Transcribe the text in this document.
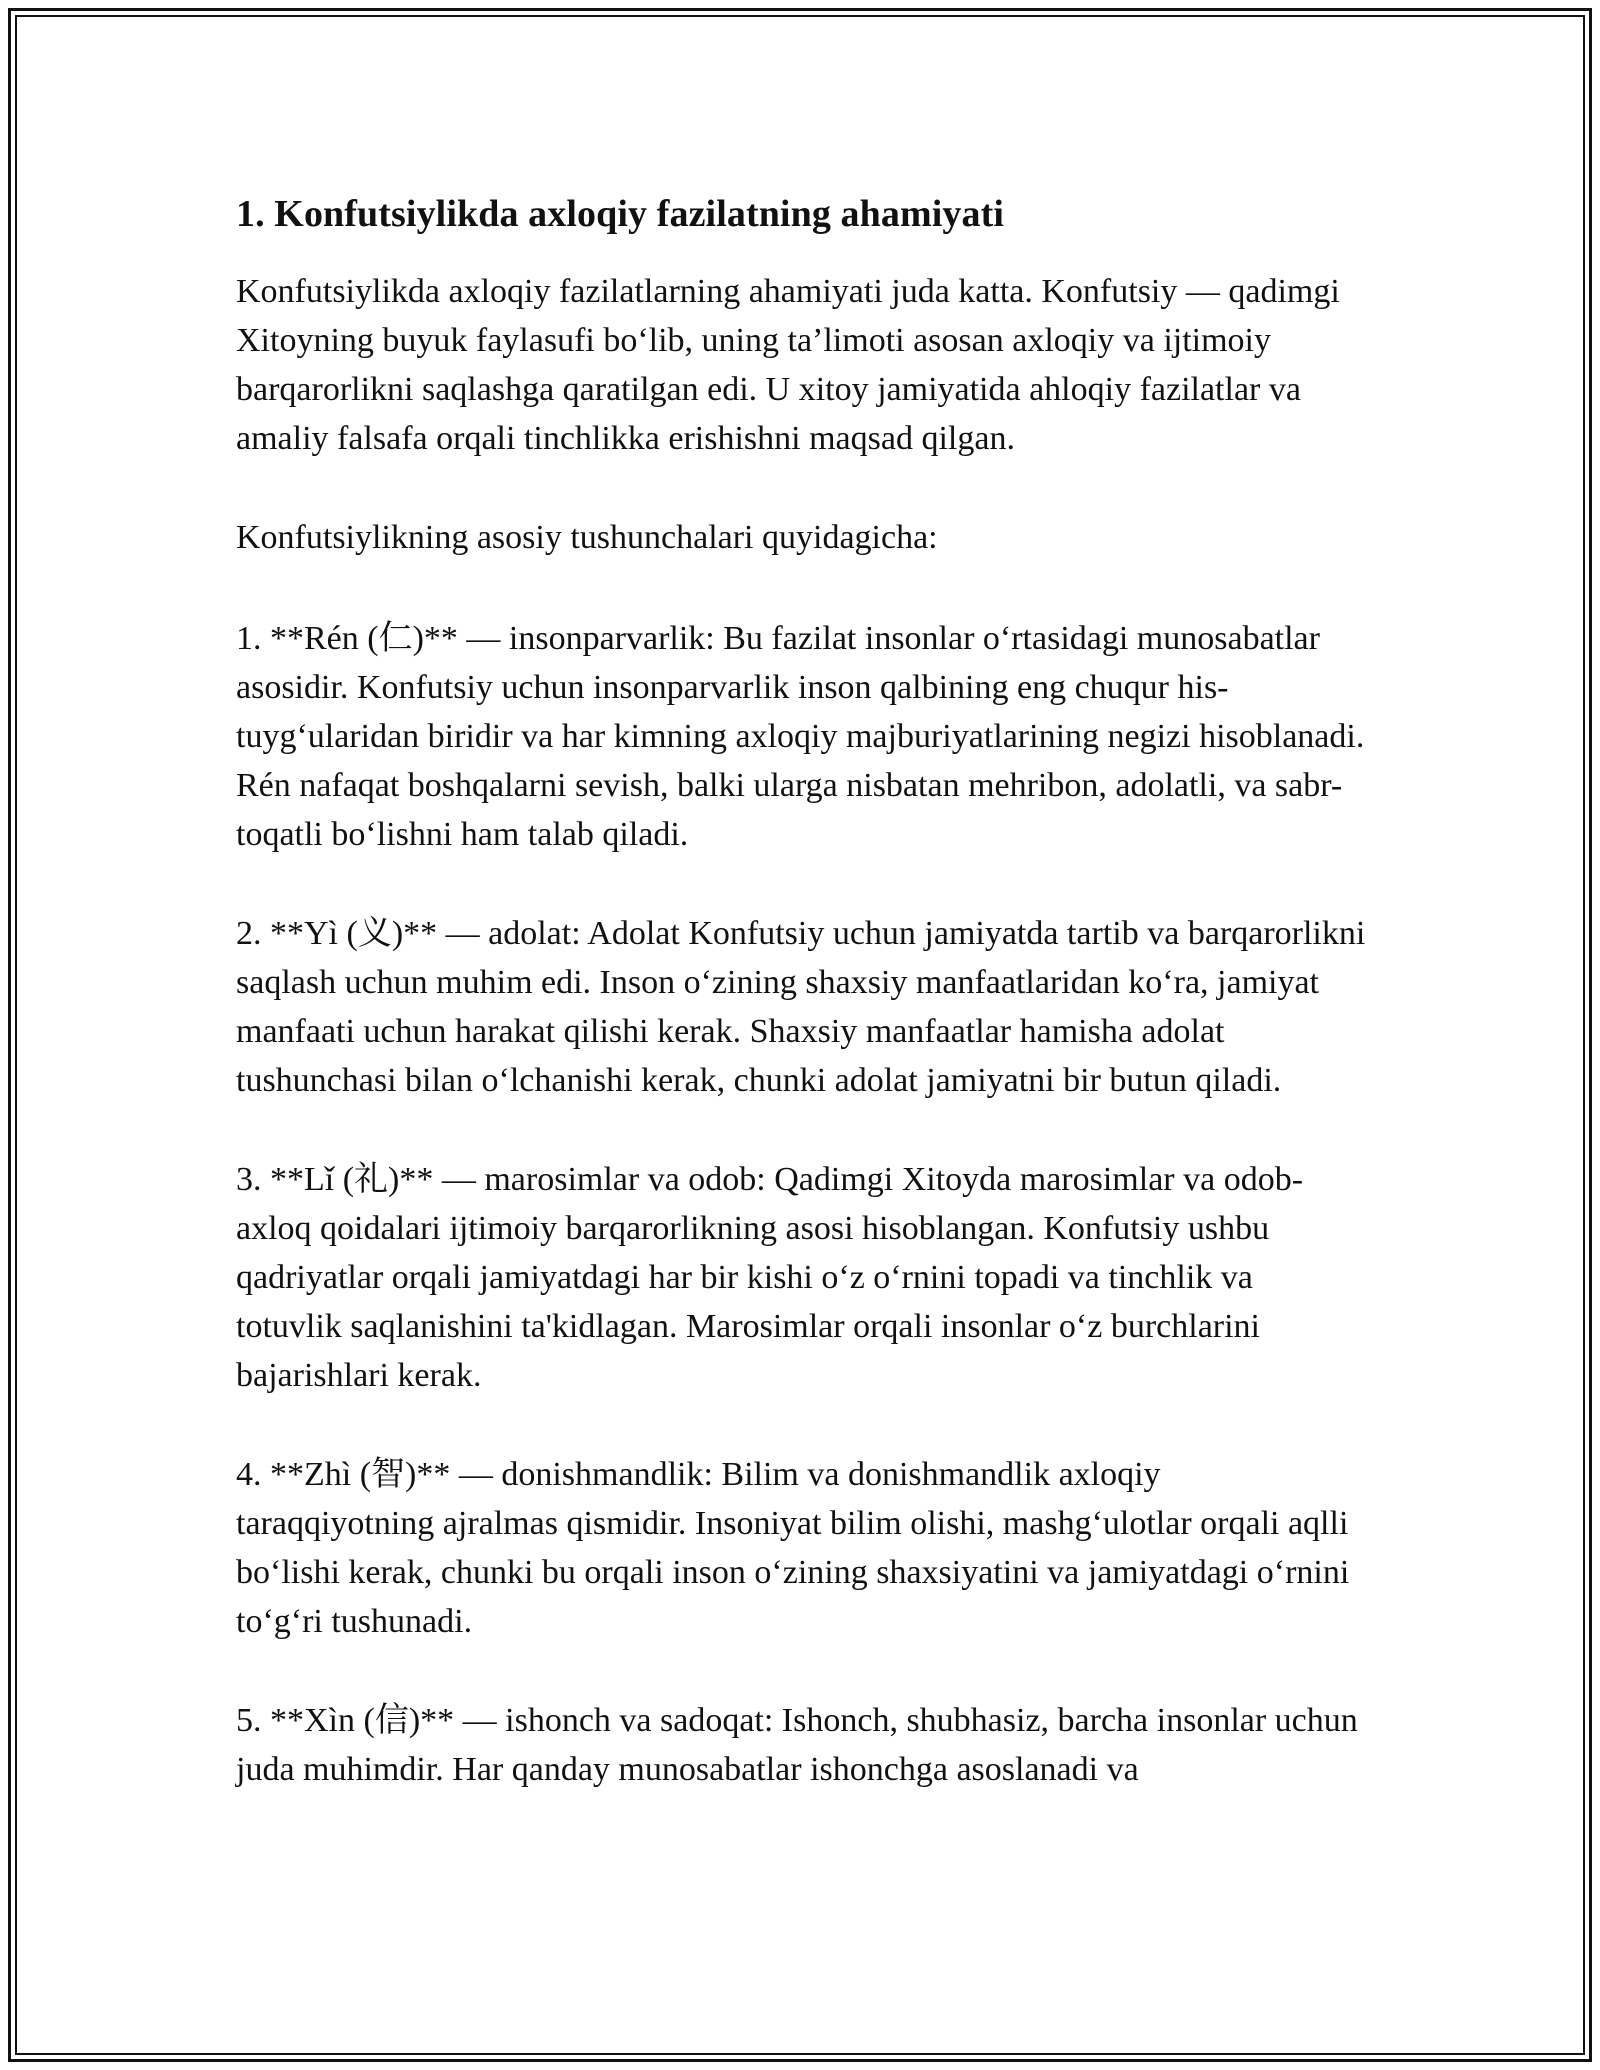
1. Konfutsiylikda axloqiy fazilatning ahamiyati

Konfutsiylikda axloqiy fazilatlarning ahamiyati juda katta. Konfutsiy — qadimgi Xitoyning buyuk faylasufi bo‘lib, uning ta’limoti asosan axloqiy va ijtimoiy barqarorlikni saqlashga qaratilgan edi. U xitoy jamiyatida ahloqiy fazilatlar va amaliy falsafa orqali tinchlikka erishishni maqsad qilgan.

Konfutsiylikning asosiy tushunchalari quyidagicha:

1. **Rén (仁)** — insonparvarlik: Bu fazilat insonlar o‘rtasidagi munosabatlar asosidir. Konfutsiy uchun insonparvarlik inson qalbining eng chuqur his-tuyg‘ularidan biridir va har kimning axloqiy majburiyatlarining negizi hisoblanadi. Rén nafaqat boshqalarni sevish, balki ularga nisbatan mehribon, adolatli, va sabr-toqatli bo‘lishni ham talab qiladi.

2. **Yì (义)** — adolat: Adolat Konfutsiy uchun jamiyatda tartib va barqarorlikni saqlash uchun muhim edi. Inson o‘zining shaxsiy manfaatlaridan ko‘ra, jamiyat manfaati uchun harakat qilishi kerak. Shaxsiy manfaatlar hamisha adolat tushunchasi bilan o‘lchanishi kerak, chunki adolat jamiyatni bir butun qiladi.

3. **Lǐ (礼)** — marosimlar va odob: Qadimgi Xitoyda marosimlar va odob-axloq qoidalari ijtimoiy barqarorlikning asosi hisoblangan. Konfutsiy ushbu qadriyatlar orqali jamiyatdagi har bir kishi o‘z o‘rnini topadi va tinchlik va totuvlik saqlanishini ta'kidlagan. Marosimlar orqali insonlar o‘z burchlarini bajarishlari kerak.

4. **Zhì (智)** — donishmandlik: Bilim va donishmandlik axloqiy taraqqiyotning ajralmas qismidir. Insoniyat bilim olishi, mashg‘ulotlar orqali aqlli bo‘lishi kerak, chunki bu orqali inson o‘zining shaxsiyatini va jamiyatdagi o‘rnini to‘g‘ri tushunadi.

5. **Xìn (信)** — ishonch va sadoqat: Ishonch, shubhasiz, barcha insonlar uchun juda muhimdir. Har qanday munosabatlar ishonchga asoslanadi va
